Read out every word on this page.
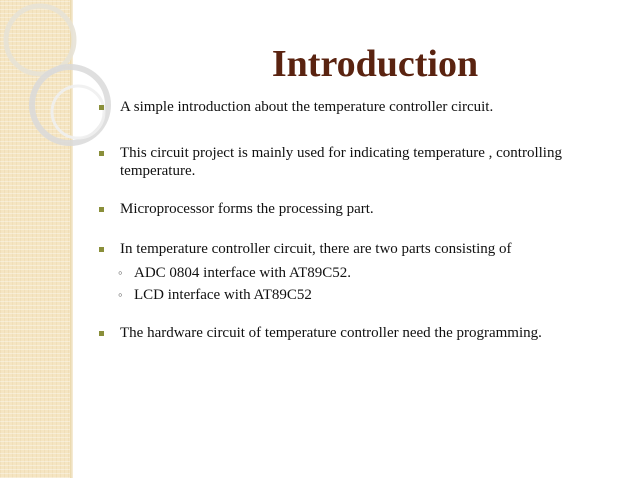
Introduction
A simple introduction about the temperature controller circuit.
This circuit project is mainly used for indicating temperature , controlling temperature.
Microprocessor forms the processing part.
In temperature controller circuit, there are two parts consisting of
◦ ADC 0804 interface with AT89C52.
◦ LCD interface with AT89C52
The hardware circuit of temperature controller need the programming.
